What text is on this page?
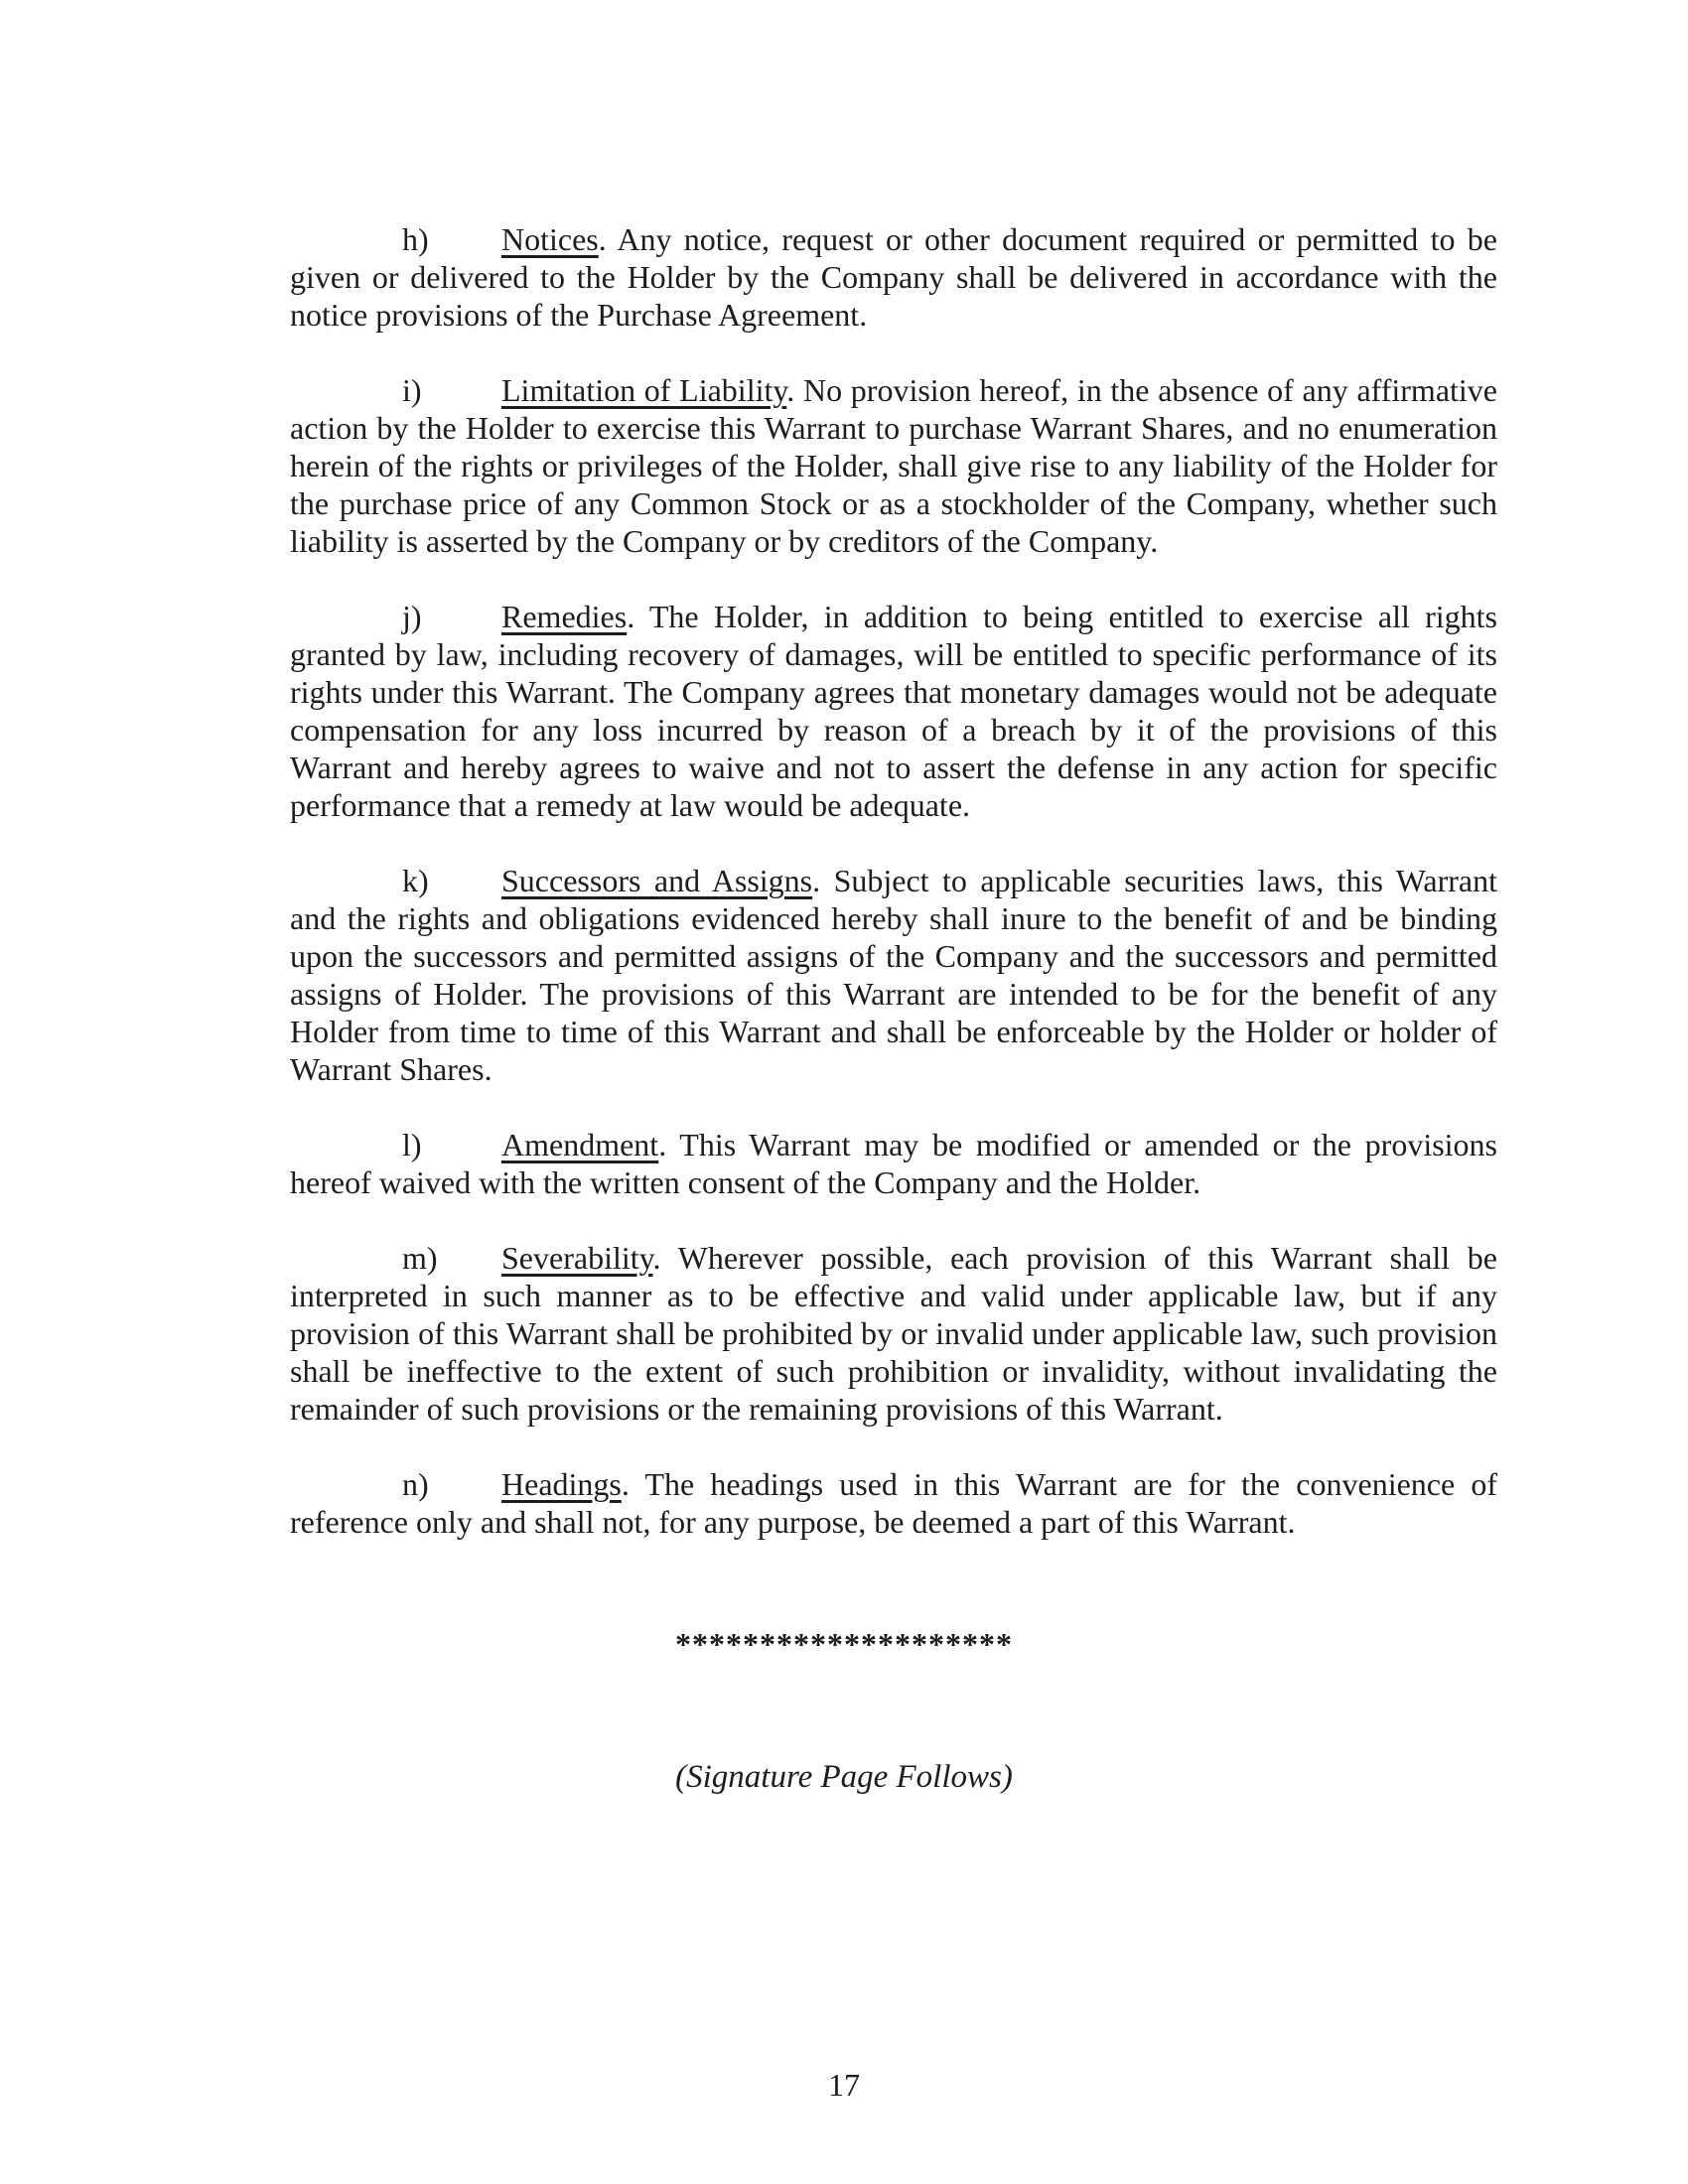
h) Notices. Any notice, request or other document required or permitted to be given or delivered to the Holder by the Company shall be delivered in accordance with the notice provisions of the Purchase Agreement.

i)	Limitation of Liability. No provision hereof, in the absence of any affirmative action by the Holder to exercise this Warrant to purchase Warrant Shares, and no enumeration herein of the rights or privileges of the Holder, shall give rise to any liability of the Holder for the purchase price of any Common Stock or as a stockholder of the Company, whether such liability is asserted by the Company or by creditors of the Company.

j)	Remedies. The Holder, in addition to being entitled to exercise all rights granted by law, including recovery of damages, will be entitled to specific performance of its rights under this Warrant. The Company agrees that monetary damages would not be adequate compensation for any loss incurred by reason of a breach by it of the provisions of this Warrant and hereby agrees to waive and not to assert the defense in any action for specific performance that a remedy at law would be adequate.

k) Successors and Assigns. Subject to applicable securities laws, this Warrant and the rights and obligations evidenced hereby shall inure to the benefit of and be binding upon the successors and permitted assigns of the Company and the successors and permitted assigns of Holder. The provisions of this Warrant are intended to be for the benefit of any Holder from time to time of this Warrant and shall be enforceable by the Holder or holder of Warrant Shares.

l)	Amendment. This Warrant may be modified or amended or the provisions hereof waived with the written consent of the Company and the Holder.

m) Severability. Wherever possible, each provision of this Warrant shall be interpreted in such manner as to be effective and valid under applicable law, but if any provision of this Warrant shall be prohibited by or invalid under applicable law, such provision shall be ineffective to the extent of such prohibition or invalidity, without invalidating the remainder of such provisions or the remaining provisions of this Warrant.

n) Headings. The headings used in this Warrant are for the convenience of reference only and shall not, for any purpose, be deemed a part of this Warrant.

********************
(Signature Page Follows)
17
